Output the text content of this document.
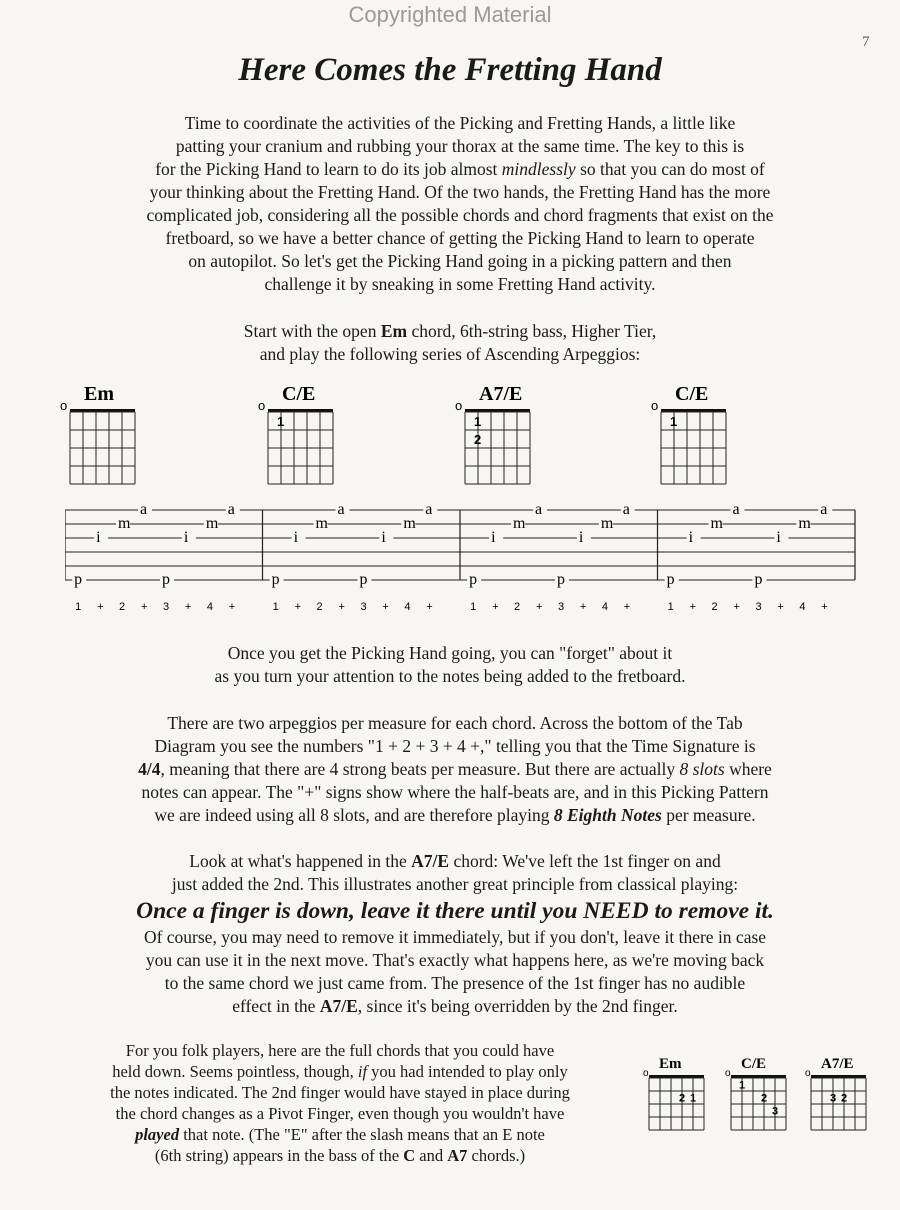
Copyrighted Material
7
Here Comes the Fretting Hand

Time to coordinate the activities of the Picking and Fretting Hands, a little like
patting your cranium and rubbing your thorax at the same time. The key to this is
for the Picking Hand to learn to do its job almost mindlessly so that you can do most of
your thinking about the Fretting Hand. Of the two hands, the Fretting Hand has the more
complicated job, considering all the possible chords and chord fragments that exist on the
fretboard, so we have a better chance of getting the Picking Hand to learn to operate
on autopilot. So let's get the Picking Hand going in a picking pattern and then
challenge it by sneaking in some Fretting Hand activity.

Start with the open Em chord, 6th-string bass, Higher Tier,
and play the following series of Ascending Arpeggios:

Em
o
C/E
o
1
A7/E
o
1
2
C/E
o
1
p
i
m
a
p
i
m
a
1 + 2 + 3 + 4 +
p
i
m
a
p
i
m
a
1 + 2 + 3 + 4 +
p
i
m
a
p
i
m
a
1 + 2 + 3 + 4 +
p
i
m
a
p
i
m
a
1 + 2 + 3 + 4 +

Once you get the Picking Hand going, you can "forget" about it
as you turn your attention to the notes being added to the fretboard.

There are two arpeggios per measure for each chord. Across the bottom of the Tab
Diagram you see the numbers "1 + 2 + 3 + 4 +," telling you that the Time Signature is
4/4, meaning that there are 4 strong beats per measure. But there are actually 8 slots where
notes can appear. The "+" signs show where the half-beats are, and in this Picking Pattern
we are indeed using all 8 slots, and are therefore playing 8 Eighth Notes per measure.

Look at what's happened in the A7/E chord: We've left the 1st finger on and
just added the 2nd. This illustrates another great principle from classical playing:
Once a finger is down, leave it there until you NEED to remove it.
Of course, you may need to remove it immediately, but if you don't, leave it there in case
you can use it in the next move. That's exactly what happens here, as we're moving back
to the same chord we just came from. The presence of the 1st finger has no audible
effect in the A7/E, since it's being overridden by the 2nd finger.

For you folk players, here are the full chords that you could have
held down. Seems pointless, though, if you had intended to play only
the notes indicated. The 2nd finger would have stayed in place during
the chord changes as a Pivot Finger, even though you wouldn't have
played that note. (The "E" after the slash means that an E note
(6th string) appears in the bass of the C and A7 chords.)

Em
o
1
2
C/E
o
1
2
3
A7/E
o
2
3
